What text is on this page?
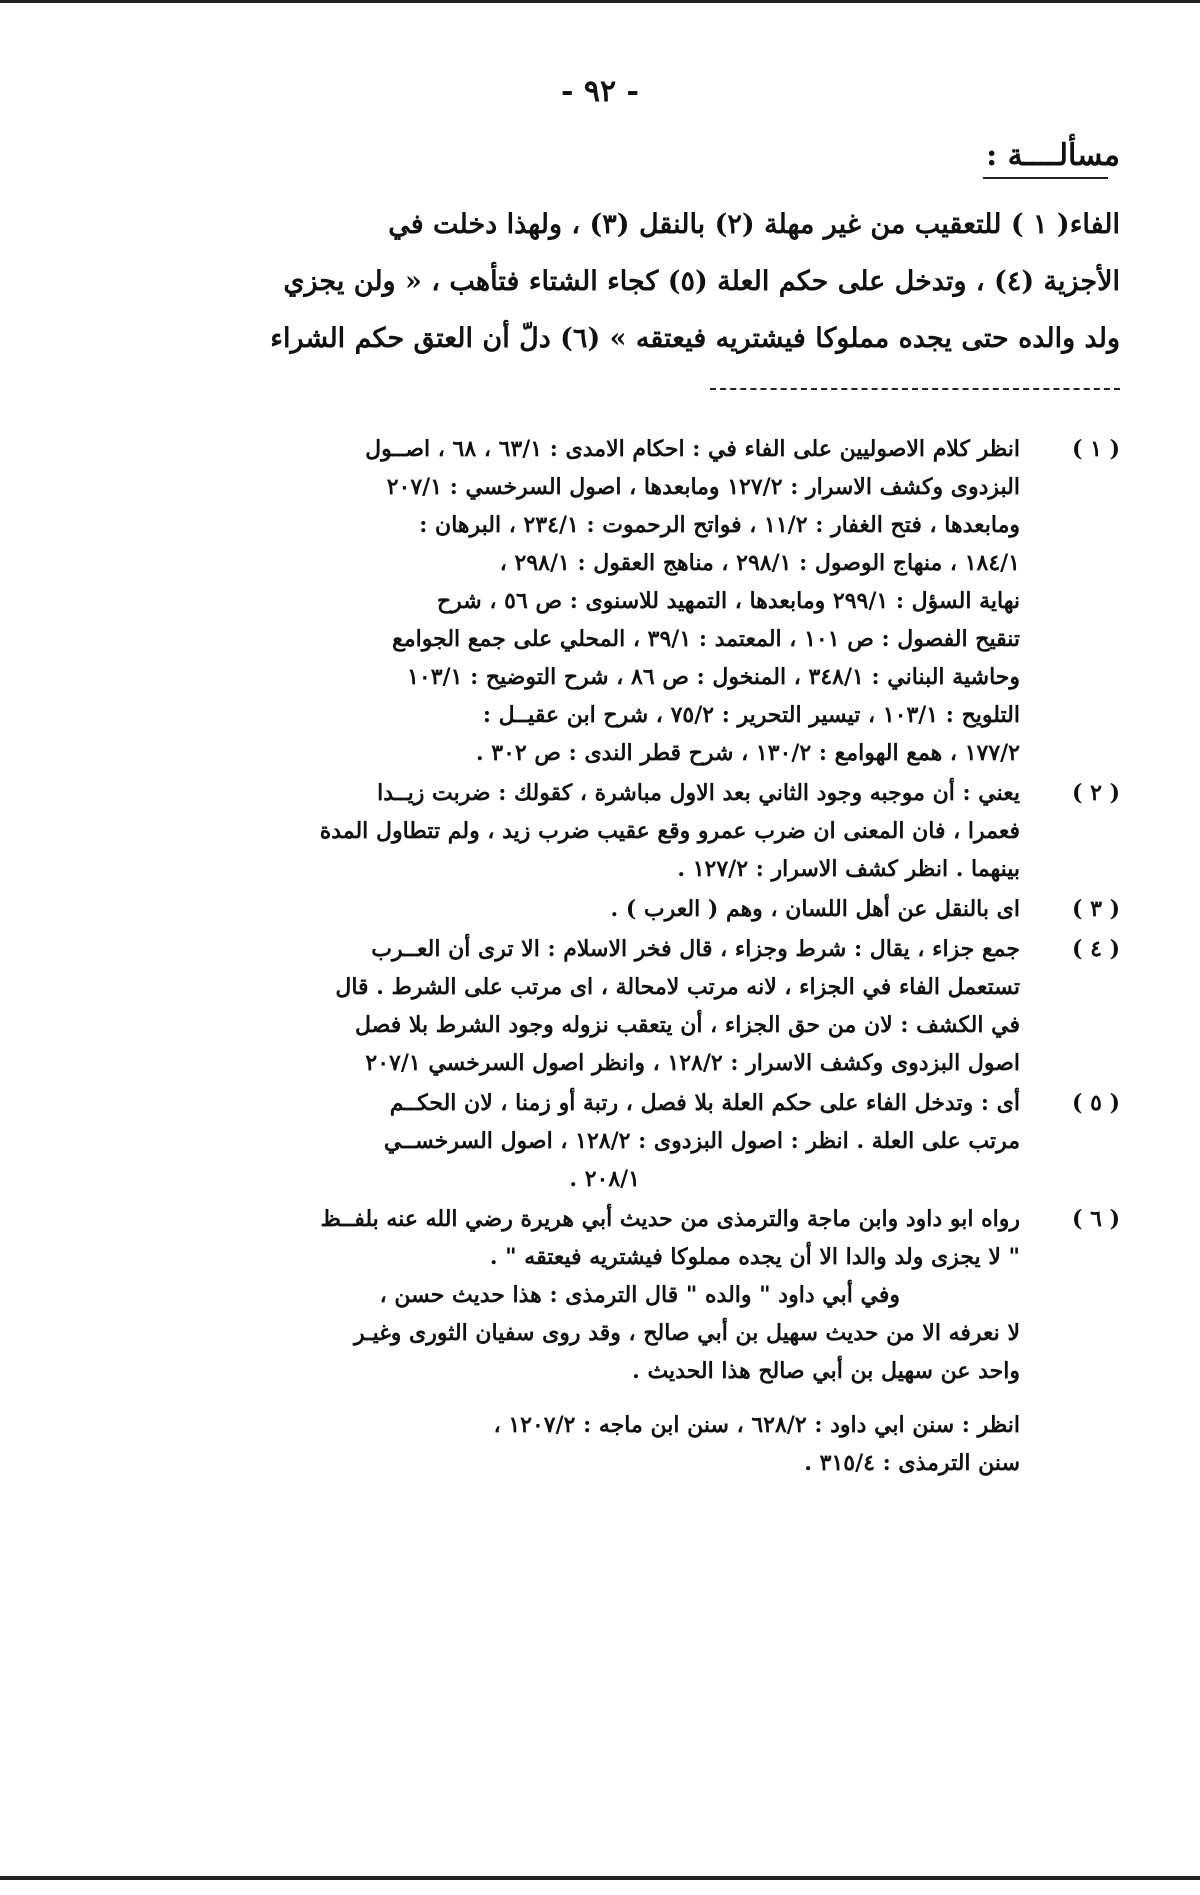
- ٩٢ -
مسألــــة :
الفاء( ١ ) للتعقيب من غير مهلة (٢) بالنقل (٣) ، ولهذا دخلت في
الأجزية (٤) ، وتدخل على حكم العلة (٥) كجاء الشتاء فتأهب ، « ولن يجزي
ولد والده حتى يجده مملوكا فيشتريه فيعتقه » (٦) دلّ أن العتق حكم الشراء
( ١ )
انظر كلام الاصوليين على الفاء في : احكام الامدى : ٦٣/١ ، ٦٨ ، اصــول
البزدوى وكشف الاسرار : ١٢٧/٢ ومابعدها ، اصول السرخسي : ٢٠٧/١
ومابعدها ، فتح الغفار : ١١/٢ ، فواتح الرحموت : ٢٣٤/١ ، البرهان :
١٨٤/١ ، منهاج الوصول : ٢٩٨/١ ، مناهج العقول : ٢٩٨/١ ،
نهاية السؤل : ٢٩٩/١ ومابعدها ، التمهيد للاسنوى : ص ٥٦ ، شرح
تنقيح الفصول : ص ١٠١ ، المعتمد : ٣٩/١ ، المحلي على جمع الجوامع
وحاشية البناني : ٣٤٨/١ ، المنخول : ص ٨٦ ، شرح التوضيح : ١٠٣/١
التلويح : ١٠٣/١ ، تيسير التحرير : ٧٥/٢ ، شرح ابن عقيــل :
١٧٧/٢ ، همع الهوامع : ١٣٠/٢ ، شرح قطر الندى : ص ٣٠٢ .
( ٢ )
يعني : أن موجبه وجود الثاني بعد الاول مباشرة ، كقولك : ضربت زيــدا
فعمرا ، فان المعنى ان ضرب عمرو وقع عقيب ضرب زيد ، ولم تتطاول المدة
بينهما . انظر كشف الاسرار : ١٢٧/٢ .
( ٣ )
اى بالنقل عن أهل اللسان ، وهم ( العرب ) .
( ٤ )
جمع جزاء ، يقال : شرط وجزاء ، قال فخر الاسلام : الا ترى أن العــرب
تستعمل الفاء في الجزاء ، لانه مرتب لامحالة ، اى مرتب على الشرط . قال
في الكشف : لان من حق الجزاء ، أن يتعقب نزوله وجود الشرط بلا فصل
اصول البزدوى وكشف الاسرار : ١٢٨/٢ ، وانظر اصول السرخسي ٢٠٧/١
( ٥ )
أى : وتدخل الفاء على حكم العلة بلا فصل ، رتبة أو زمنا ، لان الحكــم
مرتب على العلة . انظر : اصول البزدوى : ١٢٨/٢ ، اصول السرخســي
٢٠٨/١ .
( ٦ )
رواه ابو داود وابن ماجة والترمذى من حديث أبي هريرة رضي الله عنه بلفــظ
" لا يجزى ولد والدا الا أن يجده مملوكا فيشتريه فيعتقه " .
وفي أبي داود " والده " قال الترمذى : هذا حديث حسن ،
لا نعرفه الا من حديث سهيل بن أبي صالح ، وقد روى سفيان الثورى وغيـر
واحد عن سهيل بن أبي صالح هذا الحديث .
انظر : سنن ابي داود : ٦٢٨/٢ ، سنن ابن ماجه : ١٢٠٧/٢ ،
سنن الترمذى : ٣١٥/٤ .
